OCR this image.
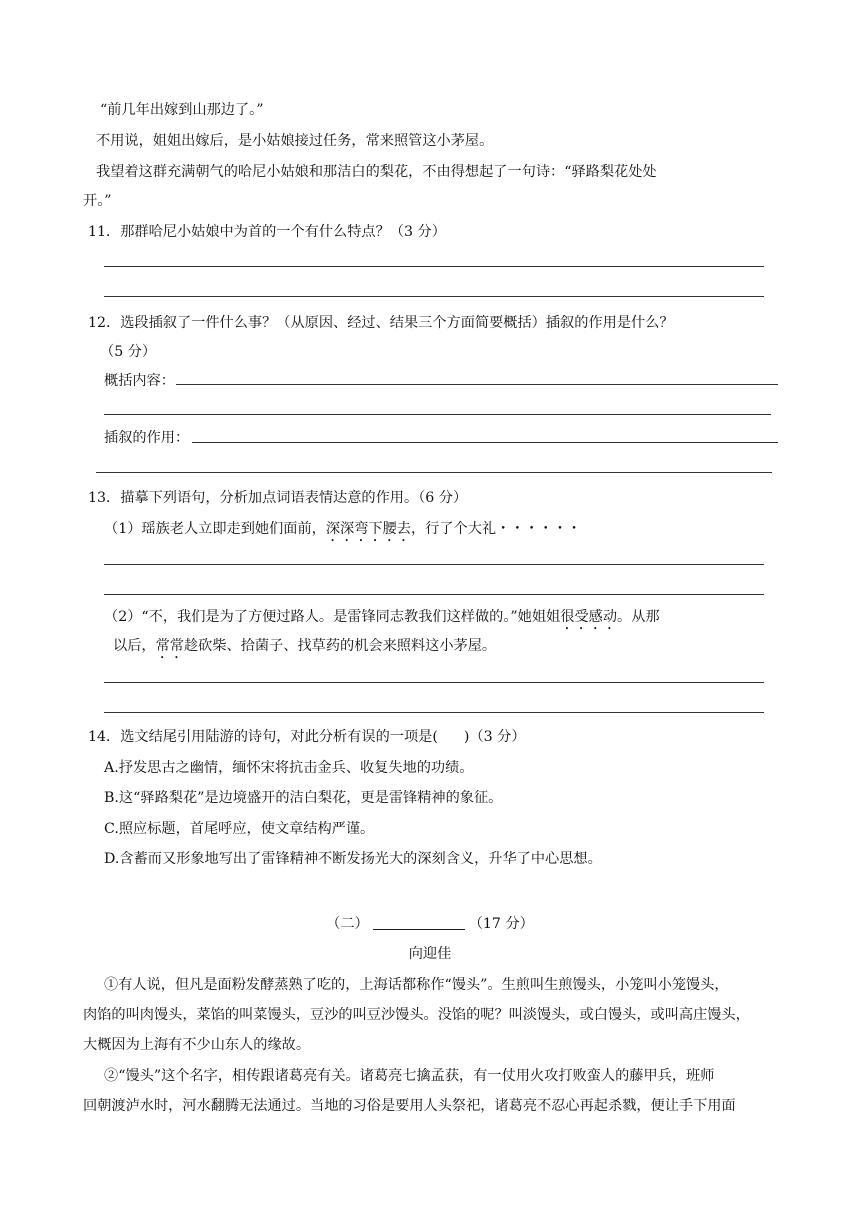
“前几年出嫁到山那边了。”
不用说，姐姐出嫁后，是小姑娘接过任务，常来照管这小茅屋。
我望着这群充满朝气的哈尼小姑娘和那洁白的梨花，不由得想起了一句诗：“驿路梨花处处
开。”
11．那群哈尼小姑娘中为首的一个有什么特点？（3 分）
12．选段插叙了一件什么事？（从原因、经过、结果三个方面简要概括）插叙的作用是什么？
（5 分）
概括内容：
插叙的作用：
13．描摹下列语句，分析加点词语表情达意的作用。（6 分）
（1）瑶族老人立即走到她们面前，深深弯下腰去，行了个大礼・・・・・・
（2）“不，我们是为了方便过路人。是雷锋同志教我们这样做的。”她姐姐很受感动。从那
以后，常常趁砍柴、拾菌子、找草药的机会来照料这小茅屋。
14．选文结尾引用陆游的诗句，对此分析有误的一项是( )（3 分）
A.抒发思古之幽情，缅怀宋将抗击金兵、收复失地的功绩。
B.这“驿路梨花”是边境盛开的洁白梨花，更是雷锋精神的象征。
C.照应标题，首尾呼应，使文章结构严谨。
D.含蓄而又形象地写出了雷锋精神不断发扬光大的深刻含义，升华了中心思想。
（二）	（17 分）
向迎佳
①有人说，但凡是面粉发酵蒸熟了吃的，上海话都称作“馒头”。生煎叫生煎馒头，小笼叫小笼馒头，
肉馅的叫肉馒头，菜馅的叫菜馒头，豆沙的叫豆沙馒头。没馅的呢？叫淡馒头，或白馒头，或叫高庄馒头，
大概因为上海有不少山东人的缘故。
②“馒头”这个名字，相传跟诸葛亮有关。诸葛亮七擒孟获，有一仗用火攻打败蛮人的藤甲兵，班师
回朝渡泸水时，河水翻腾无法通过。当地的习俗是要用人头祭祀，诸葛亮不忍心再起杀戮，便让手下用面
